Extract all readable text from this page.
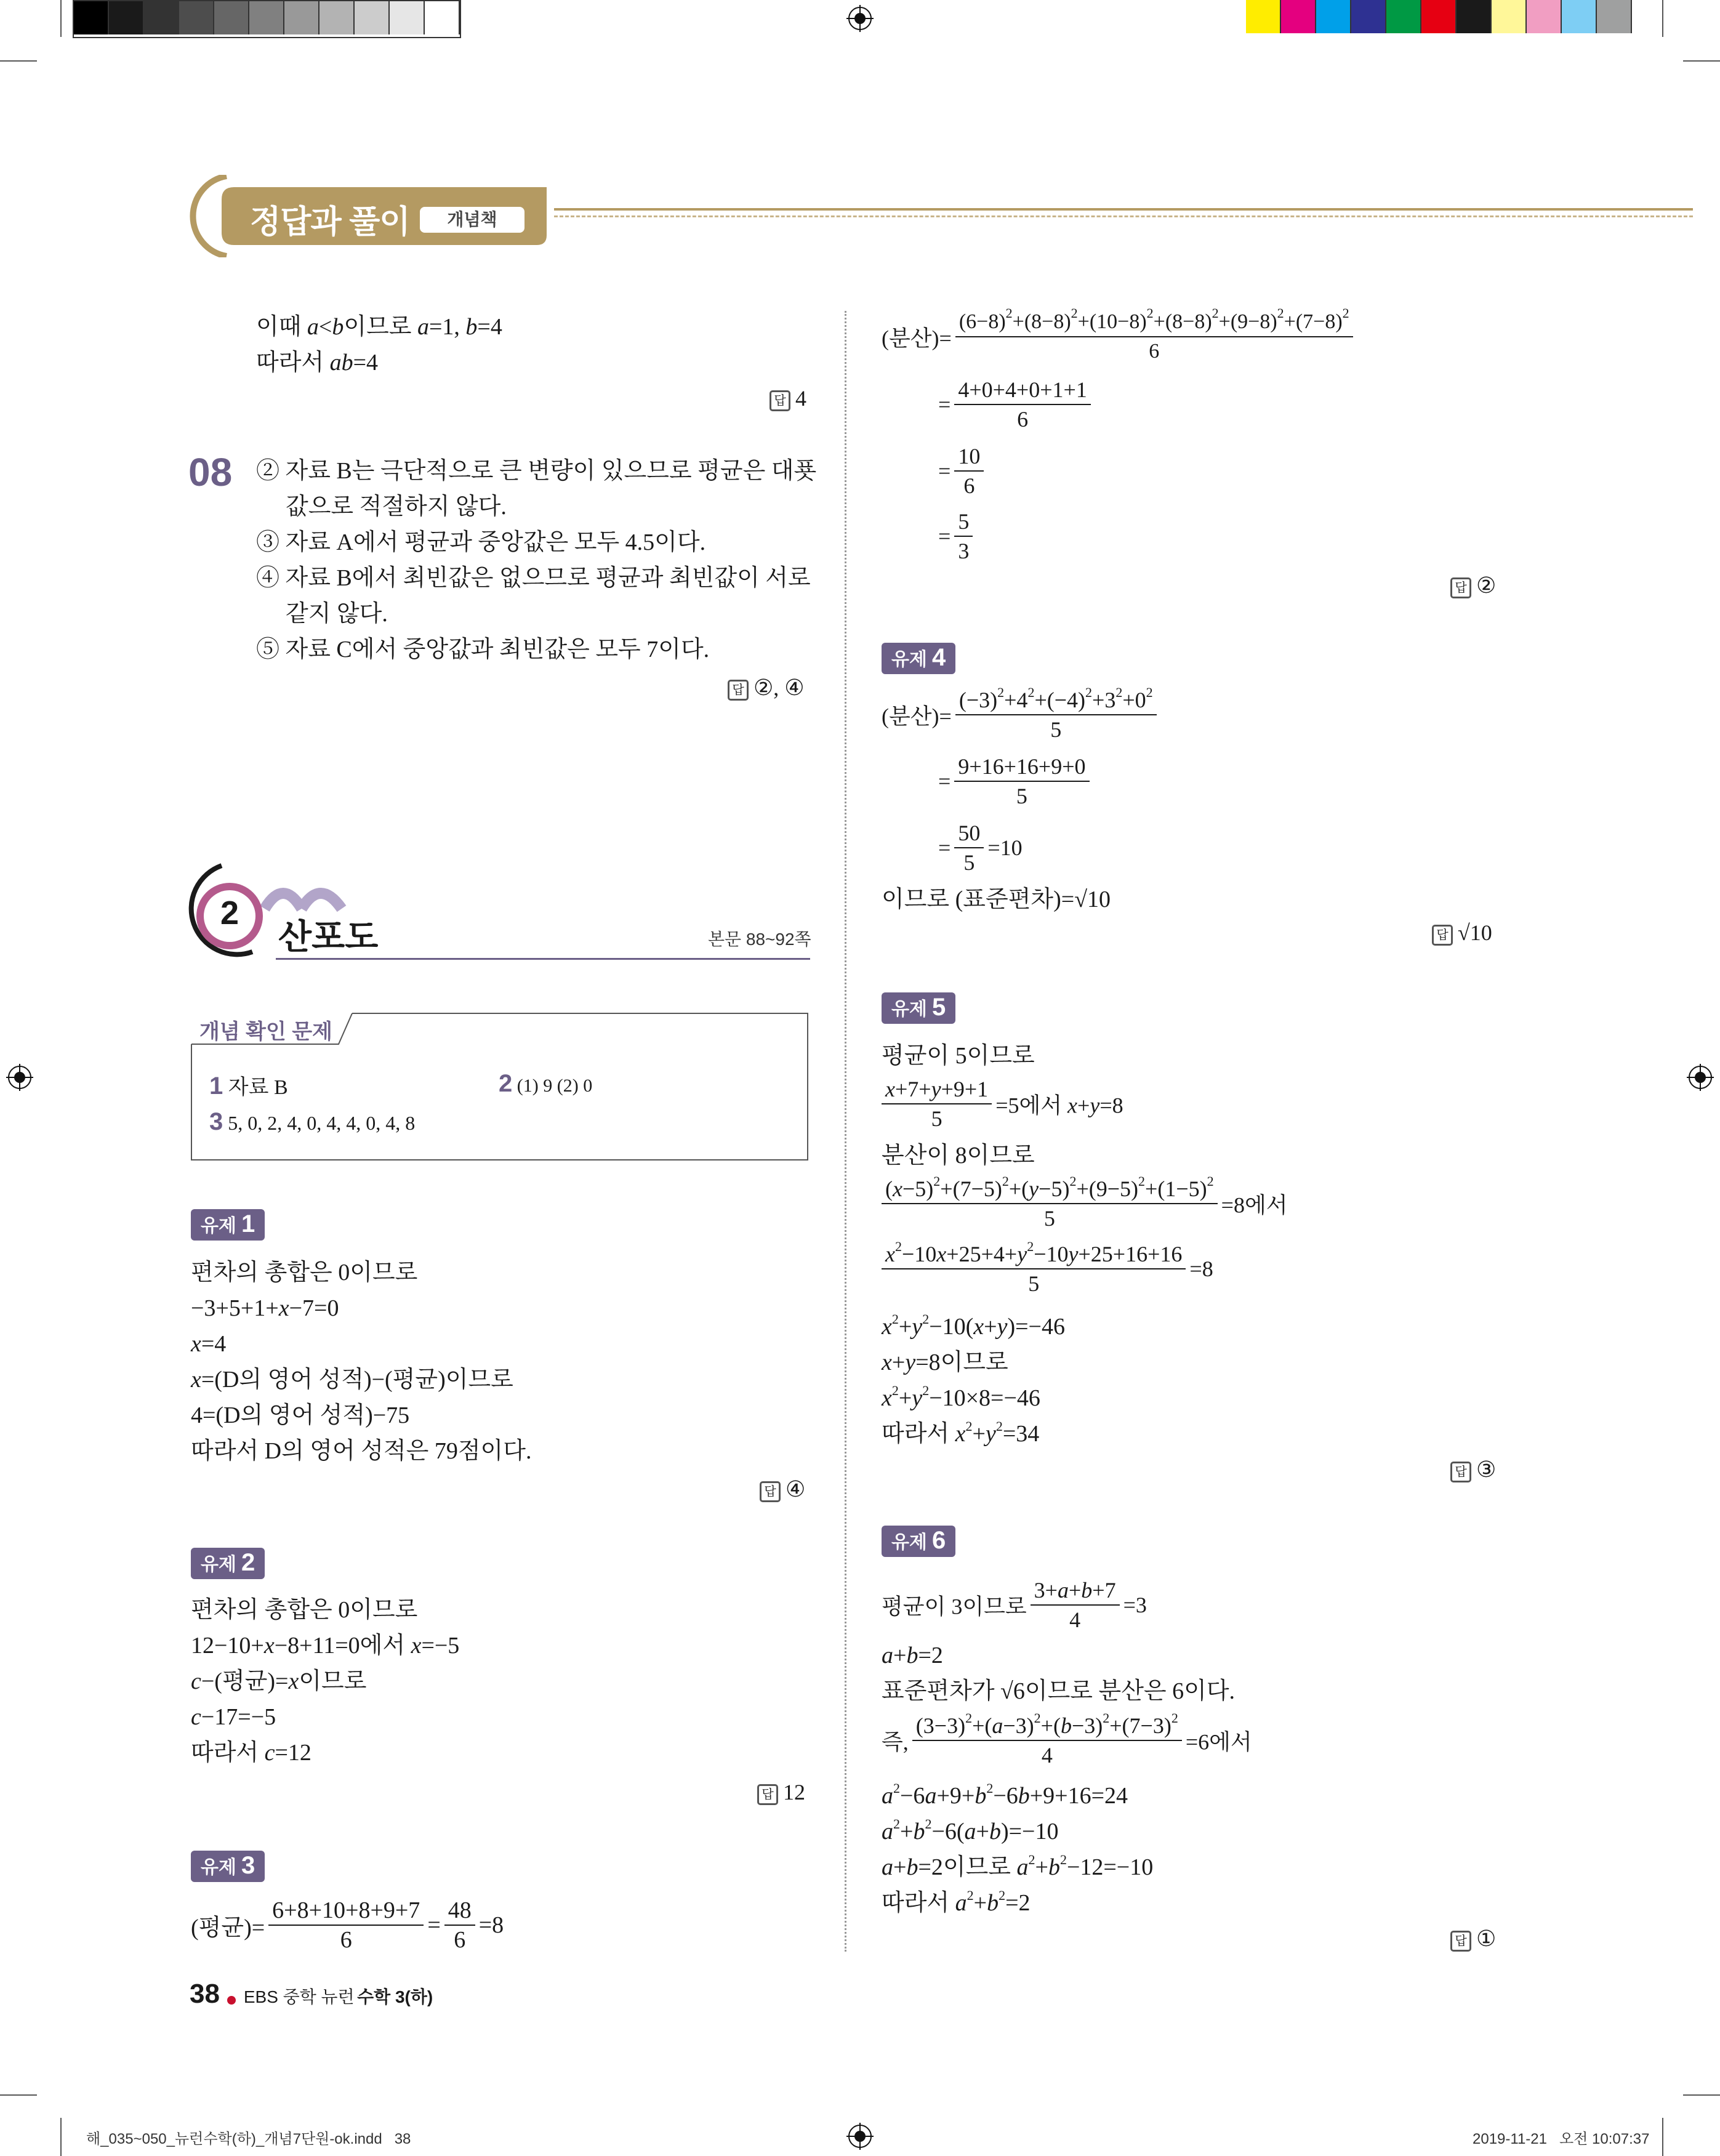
정답과 풀이	개념책
이때 a<b이므로 a=1, b=4
따라서 ab=4
답 4
08 ② 자료 B는 극단적으로 큰 변량이 있으므로 평균은 대푯
값으로 적절하지 않다.
③ 자료 A에서 평균과 중앙값은 모두 4.5이다.
④ 자료 B에서 최빈값은 없으므로 평균과 최빈값이 서로
같지 않다.
⑤ 자료 C에서 중앙값과 최빈값은 모두 7이다.
답 ②, ④
2
산포도	본문 88~92쪽
개념 확인 문제
1 자료 B	2 (1) 9 (2) 0
3 5, 0, 2, 4, 0, 4, 4, 0, 4, 8
유제 1
편차의 총합은 0이므로
−3+5+1+x−7=0
x=4
x=(D의 영어 성적)−(평균)이므로
4=(D의 영어 성적)−75
따라서 D의 영어 성적은 79점이다.
답 ④
유제 2
편차의 총합은 0이므로
12−10+x−8+11=0에서 x=−5
c−(평균)=x이므로
c−17=−5
따라서 c=12
답 12
유제 3
(평균)= $\frac{6+8+10+8+9+7}{6} = \frac{48}{6} =8$
(분산)= $\frac{(6-8)^2+(8-8)^2+(10-8)^2+(8-8)^2+(9-8)^2+(7-8)^2}{6}$
= $\frac{4+0+4+0+1+1}{6}$
= $\frac{10}{6}$
= $\frac{5}{3}$
답 ②
유제 4
(분산)= $\frac{(-3)^2+4^2+(-4)^2+3^2+0^2}{5}$
= $\frac{9+16+16+9+0}{5}$
= $\frac{50}{5} =10$
이므로 (표준편차)=√10
답 √10
유제 5
평균이 5이므로
$\frac{x+7+y+9+1}{5} =5$에서 x+y=8
분산이 8이므로
$\frac{(x-5)^2+(7-5)^2+(y-5)^2+(9-5)^2+(1-5)^2}{5} =8$에서
$\frac{x^2-10x+25+4+y^2-10y+25+16+16}{5} =8$
$x^2+y^2-10(x+y)=-46$
x+y=8이므로
$x^2+y^2-10\times 8=-46$
따라서 $x^2+y^2=34$
답 ③
유제 6
평균이 3이므로 $\frac{3+a+b+7}{4} =3$
a+b=2
표준편차가 √6이므로 분산은 6이다.
즉, $\frac{(3-3)^2+(a-3)^2+(b-3)^2+(7-3)^2}{4} =6$에서
$a^2-6a+9+b^2-6b+9+16=24$
$a^2+b^2-6(a+b)=-10$
a+b=2이므로 $a^2+b^2-12=-10$
따라서 $a^2+b^2=2$
답 ①
38 EBS 중학 뉴런 수학 3(하)
해_035~050_뉴런수학(하)_개념7단원-ok.indd   38	2019-11-21   오전 10:07:37
